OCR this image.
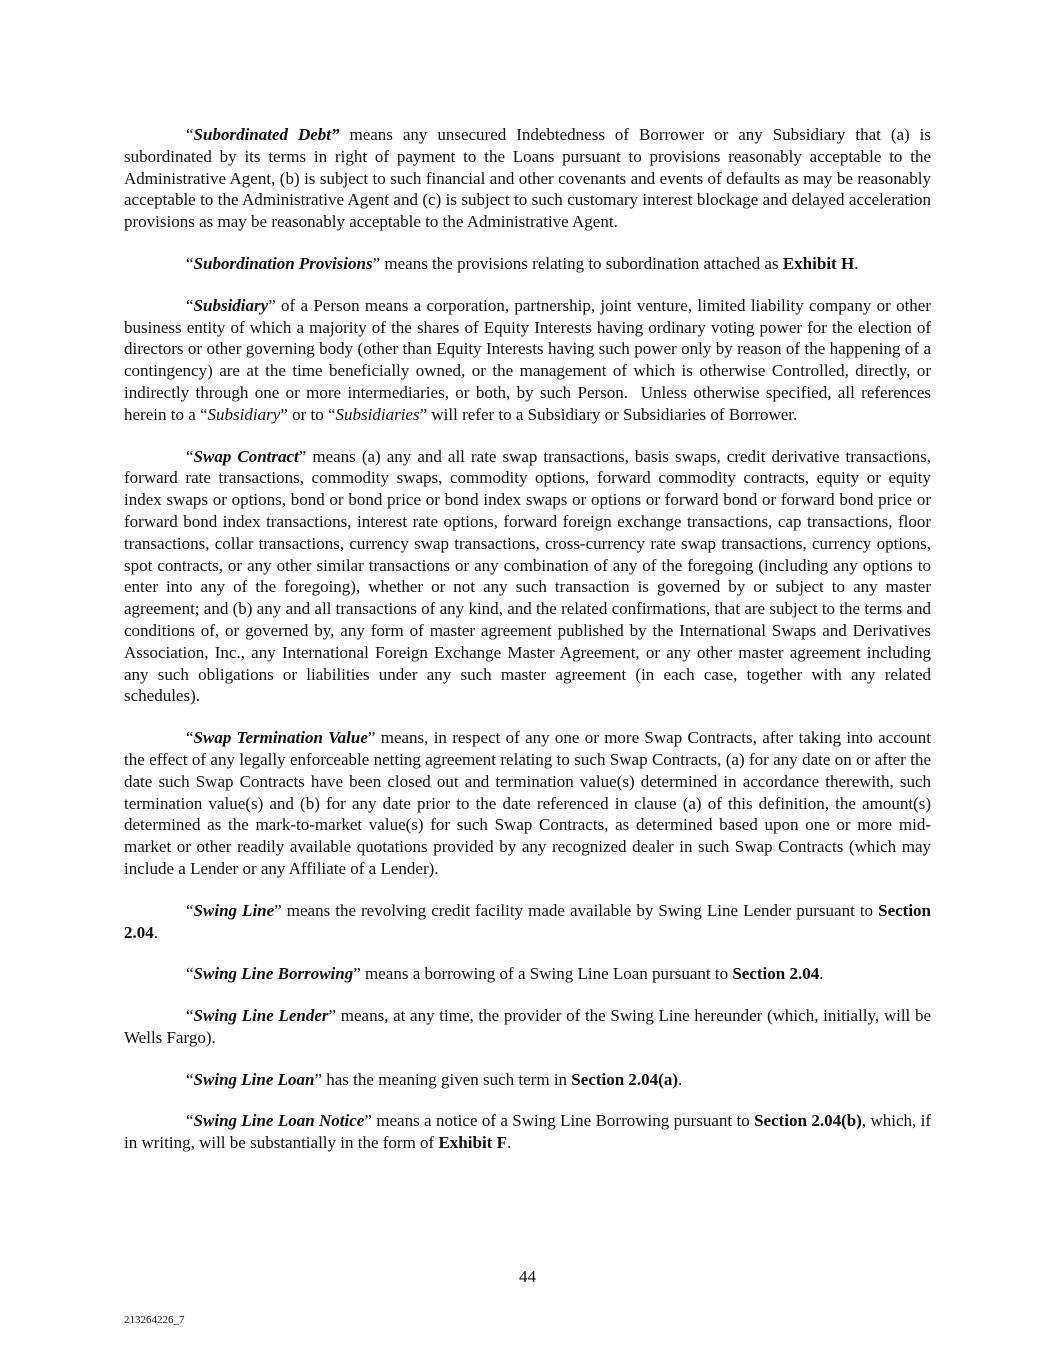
“Subordinated Debt” means any unsecured Indebtedness of Borrower or any Subsidiary that (a) is subordinated by its terms in right of payment to the Loans pursuant to provisions reasonably acceptable to the Administrative Agent, (b) is subject to such financial and other covenants and events of defaults as may be reasonably acceptable to the Administrative Agent and (c) is subject to such customary interest blockage and delayed acceleration provisions as may be reasonably acceptable to the Administrative Agent.

“Subordination Provisions” means the provisions relating to subordination attached as Exhibit H.

“Subsidiary” of a Person means a corporation, partnership, joint venture, limited liability company or other business entity of which a majority of the shares of Equity Interests having ordinary voting power for the election of directors or other governing body (other than Equity Interests having such power only by reason of the happening of a contingency) are at the time beneficially owned, or the management of which is otherwise Controlled, directly, or indirectly through one or more intermediaries, or both, by such Person.  Unless otherwise specified, all references herein to a “Subsidiary” or to “Subsidiaries” will refer to a Subsidiary or Subsidiaries of Borrower.

“Swap Contract” means (a) any and all rate swap transactions, basis swaps, credit derivative transactions, forward rate transactions, commodity swaps, commodity options, forward commodity contracts, equity or equity index swaps or options, bond or bond price or bond index swaps or options or forward bond or forward bond price or forward bond index transactions, interest rate options, forward foreign exchange transactions, cap transactions, floor transactions, collar transactions, currency swap transactions, cross-currency rate swap transactions, currency options, spot contracts, or any other similar transactions or any combination of any of the foregoing (including any options to enter into any of the foregoing), whether or not any such transaction is governed by or subject to any master agreement; and (b) any and all transactions of any kind, and the related confirmations, that are subject to the terms and conditions of, or governed by, any form of master agreement published by the International Swaps and Derivatives Association, Inc., any International Foreign Exchange Master Agreement, or any other master agreement including any such obligations or liabilities under any such master agreement (in each case, together with any related schedules).

“Swap Termination Value” means, in respect of any one or more Swap Contracts, after taking into account the effect of any legally enforceable netting agreement relating to such Swap Contracts, (a) for any date on or after the date such Swap Contracts have been closed out and termination value(s) determined in accordance therewith, such termination value(s) and (b) for any date prior to the date referenced in clause (a) of this definition, the amount(s) determined as the mark-to-market value(s) for such Swap Contracts, as determined based upon one or more mid-market or other readily available quotations provided by any recognized dealer in such Swap Contracts (which may include a Lender or any Affiliate of a Lender).

“Swing Line” means the revolving credit facility made available by Swing Line Lender pursuant to Section 2.04.

“Swing Line Borrowing” means a borrowing of a Swing Line Loan pursuant to Section 2.04.

“Swing Line Lender” means, at any time, the provider of the Swing Line hereunder (which, initially, will be Wells Fargo).

“Swing Line Loan” has the meaning given such term in Section 2.04(a).

“Swing Line Loan Notice” means a notice of a Swing Line Borrowing pursuant to Section 2.04(b), which, if in writing, will be substantially in the form of Exhibit F.

44
213264226_7
